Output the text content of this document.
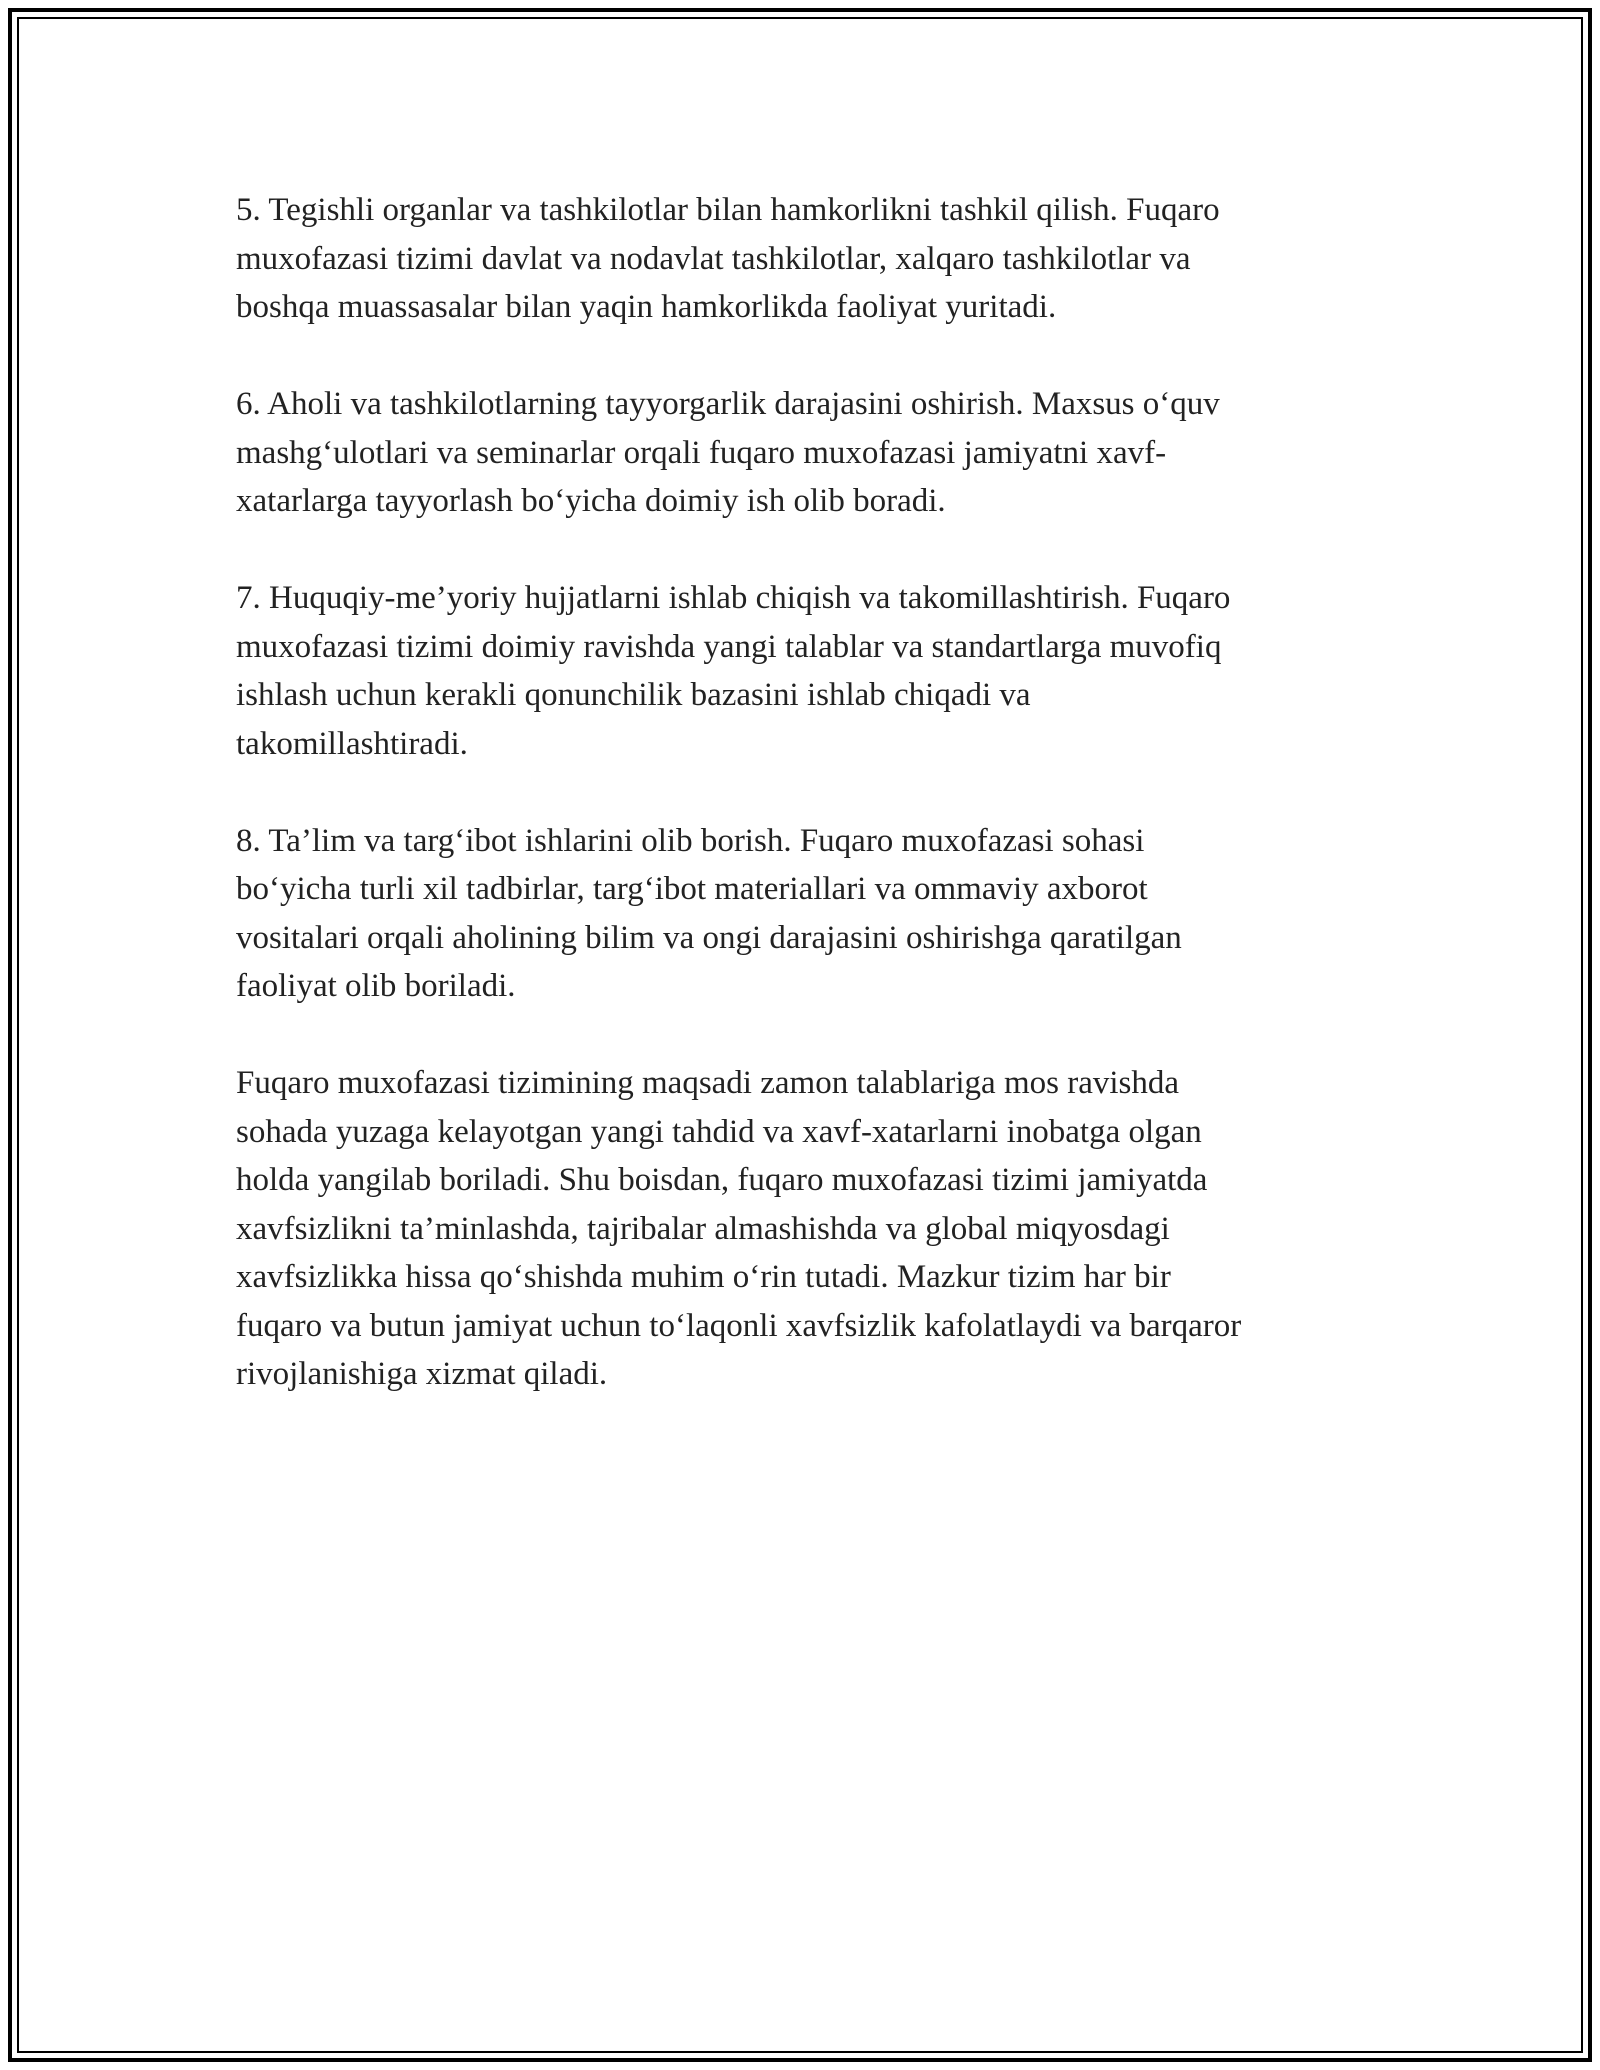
5. Tegishli organlar va tashkilotlar bilan hamkorlikni tashkil qilish. Fuqaro
muxofazasi tizimi davlat va nodavlat tashkilotlar, xalqaro tashkilotlar va
boshqa muassasalar bilan yaqin hamkorlikda faoliyat yuritadi.

6. Aholi va tashkilotlarning tayyorgarlik darajasini oshirish. Maxsus o‘quv
mashg‘ulotlari va seminarlar orqali fuqaro muxofazasi jamiyatni xavf-
xatarlarga tayyorlash bo‘yicha doimiy ish olib boradi.

7. Huquqiy-me’yoriy hujjatlarni ishlab chiqish va takomillashtirish. Fuqaro
muxofazasi tizimi doimiy ravishda yangi talablar va standartlarga muvofiq
ishlash uchun kerakli qonunchilik bazasini ishlab chiqadi va
takomillashtiradi.

8. Ta’lim va targ‘ibot ishlarini olib borish. Fuqaro muxofazasi sohasi
bo‘yicha turli xil tadbirlar, targ‘ibot materiallari va ommaviy axborot
vositalari orqali aholining bilim va ongi darajasini oshirishga qaratilgan
faoliyat olib boriladi.

Fuqaro muxofazasi tizimining maqsadi zamon talablariga mos ravishda
sohada yuzaga kelayotgan yangi tahdid va xavf-xatarlarni inobatga olgan
holda yangilab boriladi. Shu boisdan, fuqaro muxofazasi tizimi jamiyatda
xavfsizlikni ta’minlashda, tajribalar almashishda va global miqyosdagi
xavfsizlikka hissa qo‘shishda muhim o‘rin tutadi. Mazkur tizim har bir
fuqaro va butun jamiyat uchun to‘laqonli xavfsizlik kafolatlaydi va barqaror
rivojlanishiga xizmat qiladi.
